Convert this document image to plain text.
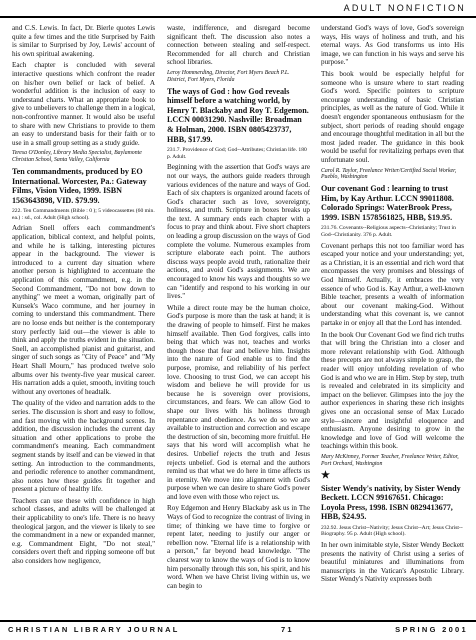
ADULT NONFICTION

and C.S. Lewis. In fact, Dr. Bierle quotes Lewis quite a few times and the title Surprised by Faith is similar to Surprised by Joy, Lewis' account of his own spiritual awakening.

Each chapter is concluded with several interactive questions which confront the reader on his/her own belief or lack of belief. A wonderful addition is the inclusion of easy to understand charts. What an appropriate book to give to unbelievers to challenge them in a logical, non-confrontive manner. It would also be useful to share with new Christians to provide to them an easy to understand basis for their faith or to use in a small group setting as a study guide.

Teresa O'Donley, Library Media Specialist, Baylamonte Christian School, Santa Valley, California

Ten commandments, produced by EO International. Worcester, Pa.: Gateway Films, Vision Video, 1999. ISBN 1563643898, VID. $79.99.

222. Ten Commandments (Bible : 0 ); 5 videocassettes (60 min. ea.) : sd., col. Adult (High school).

Adrian Snell offers each commandment's application, biblical context, and helpful points, and while he is talking, interesting pictures appear in the background. The viewer is introduced to a current day situation where another person is highlighted to accentuate the application of this commandment, e.g. in the Second Commandment, "Do not bow down to anything" we meet a woman, originally part of Kunsek's Waco commune, and her journey in coming to understand this commandment. There are no loose ends but neither is the contemporary story perfectly laid out—the viewer is able to think and apply the truths evident in the situation. Snell, an accomplished pianist and guitarist, and singer of such songs as "City of Peace" and "My Heart Shall Mourn," has produced twelve solo albums over his twenty-five year musical career. His narration adds a quiet, smooth, inviting touch without any overtones of headtalk.

The quality of the video and narration adds to the series. The discussion is short and easy to follow, and fast moving with the background scenes. In addition, the discussion includes the current day situation and other applications to probe the commandment's meaning. Each commandment segment stands by itself and can be viewed in that setting. An introduction to the commandments, and periodic reference to another commandment, also notes how these guides fit together and present a picture of healthy life.

Teachers can use these with confidence in high school classes, and adults will be challenged at their applicability to one's life. There is no heavy theological jargon, and the viewer is likely to see the commandment in a new or expanded manner, e.g. Commandment Eight, "Do not steal," considers overt theft and ripping someone off but also considers how negligence,

waste, indifference, and disregard become significant theft. The discussion also notes a connection between stealing and self-respect. Recommended for all church and Christian school libraries.

Leroy Hommerding, Director, Fort Myers Beach P.L. District, Fort Myers, Florida

The ways of God : how God reveals himself before a watching world, by Henry T. Blackaby and Roy T. Edgemon. LCCN 00031290. Nashville: Broadman & Holman, 2000. ISBN 0805423737, HBB, $17.99.

231.7. Providence of God; God--Attributes; Christian life. 180 p. Adult.

Beginning with the assertion that God's ways are not our ways, the authors guide readers through various evidences of the nature and ways of God. Each of six chapters is organized around facets of God's character such as love, sovereignty, holiness, and truth. Scripture in boxes breaks up the text. A summary ends each chapter with a focus to pray and think about. Five short chapters on leading a group discussion on the ways of God complete the volume. Numerous examples from scripture elaborate each point. The authors discuss ways people avoid truth, rationalize their actions, and avoid God's assignments. We are encouraged to know his ways and thoughts so we can "identify and respond to his working in our lives."

While a direct route may be the human choice, God's purpose is more than the task at hand; it is the drawing of people to himself. First he makes himself available. Then God forgives, calls into being that which was not, teaches and works though those that fear and believe him. Insights into the nature of God enable us to find the purpose, promise, and reliability of his perfect love. Choosing to trust God, we can accept his wisdom and believe he will provide for us because he is sovereign over provisions, circumstances, and fears. We can allow God to shape our lives with his holiness through repentance and obedience. As we do so we are available to instruction and correction and escape the destruction of sin, becoming more fruitful. He says that his word will accomplish what he desires. Unbelief rejects the truth and Jesus rejects unbelief. God is eternal and the authors remind us that what we do here in time affects us in eternity. We move into alignment with God's purpose when we can desire to share God's power and love even with those who reject us.

Roy Edgemon and Henry Blackaby ask us in The Ways of God to recognize the contrast of living in time; of thinking we have time to forgive or repent later, needing to justify our anger or rebellion now. "Eternal life is a relationship with a person," far beyond head knowledge. "The clearest way to know the ways of God is to know him personally through this son, his spirit, and his word. When we have Christ living within us, we can begin to

understand God's ways of love, God's sovereign ways, His ways of holiness and truth, and his eternal ways. As God transforms us into His image, we can function in his ways and serve his purpose."

This book would be especially helpful for someone who is unsure where to start reading God's word. Specific pointers to scripture encourage understanding of basic Christian principles, as well as the nature of God. While it doesn't engender spontaneous enthusiasm for the subject, short periods of reading should engage and encourage thoughtful meditation in all but the most jaded reader. The guidance in this book would be useful for revitalizing perhaps even that unfortunate soul.

Carol R. Taylor, Freelance Writer/Certified Social Worker, Pueblo, Washington

Our covenant God : learning to trust Him, by Kay Arthur. LCCN 99011808. Colorado Springs: WaterBrook Press, 1999. ISBN 1578561825, HBB, $19.95.

231.76. Covenants--Religious aspects--Christianity; Trust in God--Christianity. 376 p. Adult.

Covenant perhaps this not too familiar word has escaped your notice and your understanding; yet, as a Christian, it is an essential and rich word that encompasses the very promises and blessings of God himself. Actually, it embraces the very essence of who God is. Kay Arthur, a well-known Bible teacher, presents a wealth of information about our covenant making-God. Without understanding what this covenant is, we cannot partake in or enjoy all that the Lord has intended.

In the book Our Covenant God we find rich truths that will bring the Christian into a closer and more relevant relationship with God. Although these precepts are not always simple to grasp, the reader will enjoy unfolding revelation of who God is and who we are in Him. Step by step, truth is revealed and celebrated in its simplicity and impact on the believer. Glimpses into the joy the author experiences in sharing these rich insights gives one an occasional sense of Max Lucado style—sincere and insightful eloquence and enthusiasm. Anyone desiring to grow in the knowledge and love of God will welcome the teachings within this book.

Mary McKinney, Former Teacher, Freelance Writer, Editor, Port Orchard, Washington

★

Sister Wendy's nativity, by Sister Wendy Beckett. LCCN 99167651. Chicago: Loyola Press, 1998. ISBN 0829413677, HBB, $24.95.

232.92. Jesus Christ--Nativity; Jesus Christ--Art; Jesus Christ--Biography. 95 p. Adult (High school).

In her own inimitable style, Sister Wendy Beckett presents the nativity of Christ using a series of beautiful miniatures and illuminations from manuscripts in the Vatican's Apostolic Library. Sister Wendy's Nativity expresses both

CHRISTIAN LIBRARY JOURNAL	71	SPRING 2001
